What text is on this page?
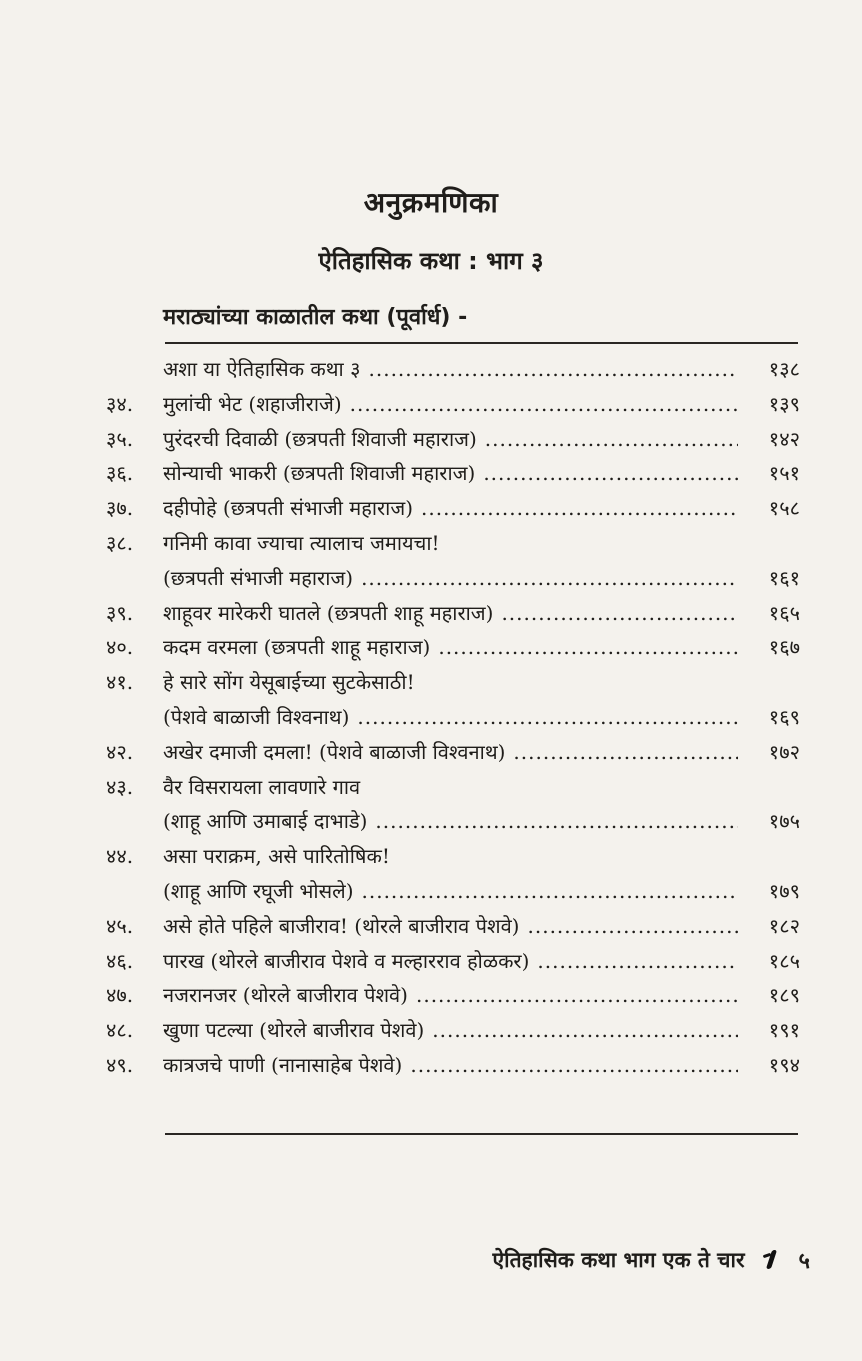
अनुक्रमणिका
ऐतिहासिक कथा : भाग ३
मराठ्यांच्या काळातील कथा (पूर्वार्ध) -
अशा या ऐतिहासिक कथा ३ .....	१३८
३४.	मुलांची भेट (शहाजीराजे) .....	१३९
३५.	पुरंदरची दिवाळी (छत्रपती शिवाजी महाराज) .....	१४२
३६.	सोन्याची भाकरी (छत्रपती शिवाजी महाराज) .....	१५१
३७.	दहीपोहे (छत्रपती संभाजी महाराज) .....	१५८
३८.	गनिमी कावा ज्याचा त्यालाच जमायचा!
(छत्रपती संभाजी महाराज) .....	१६१
३९.	शाहूवर मारेकरी घातले (छत्रपती शाहू महाराज) .....	१६५
४०.	कदम वरमला (छत्रपती शाहू महाराज) .....	१६७
४१.	हे सारे सोंग येसूबाईच्या सुटकेसाठी!
(पेशवे बाळाजी विश्वनाथ) .....	१६९
४२.	अखेर दमाजी दमला! (पेशवे बाळाजी विश्वनाथ) .....	१७२
४३.	वैर विसरायला लावणारे गाव
(शाहू आणि उमाबाई दाभाडे) .....	१७५
४४.	असा पराक्रम, असे पारितोषिक!
(शाहू आणि रघूजी भोसले) .....	१७९
४५.	असे होते पहिले बाजीराव! (थोरले बाजीराव पेशवे) .....	१८२
४६.	पारख (थोरले बाजीराव पेशवे व मल्हारराव होळकर) .....	१८५
४७.	नजरानजर (थोरले बाजीराव पेशवे) .....	१८९
४८.	खुणा पटल्या (थोरले बाजीराव पेशवे) .....	१९१
४९.	कात्रजचे पाणी (नानासाहेब पेशवे) .....	१९४
ऐतिहासिक कथा भाग एक ते चार ५
